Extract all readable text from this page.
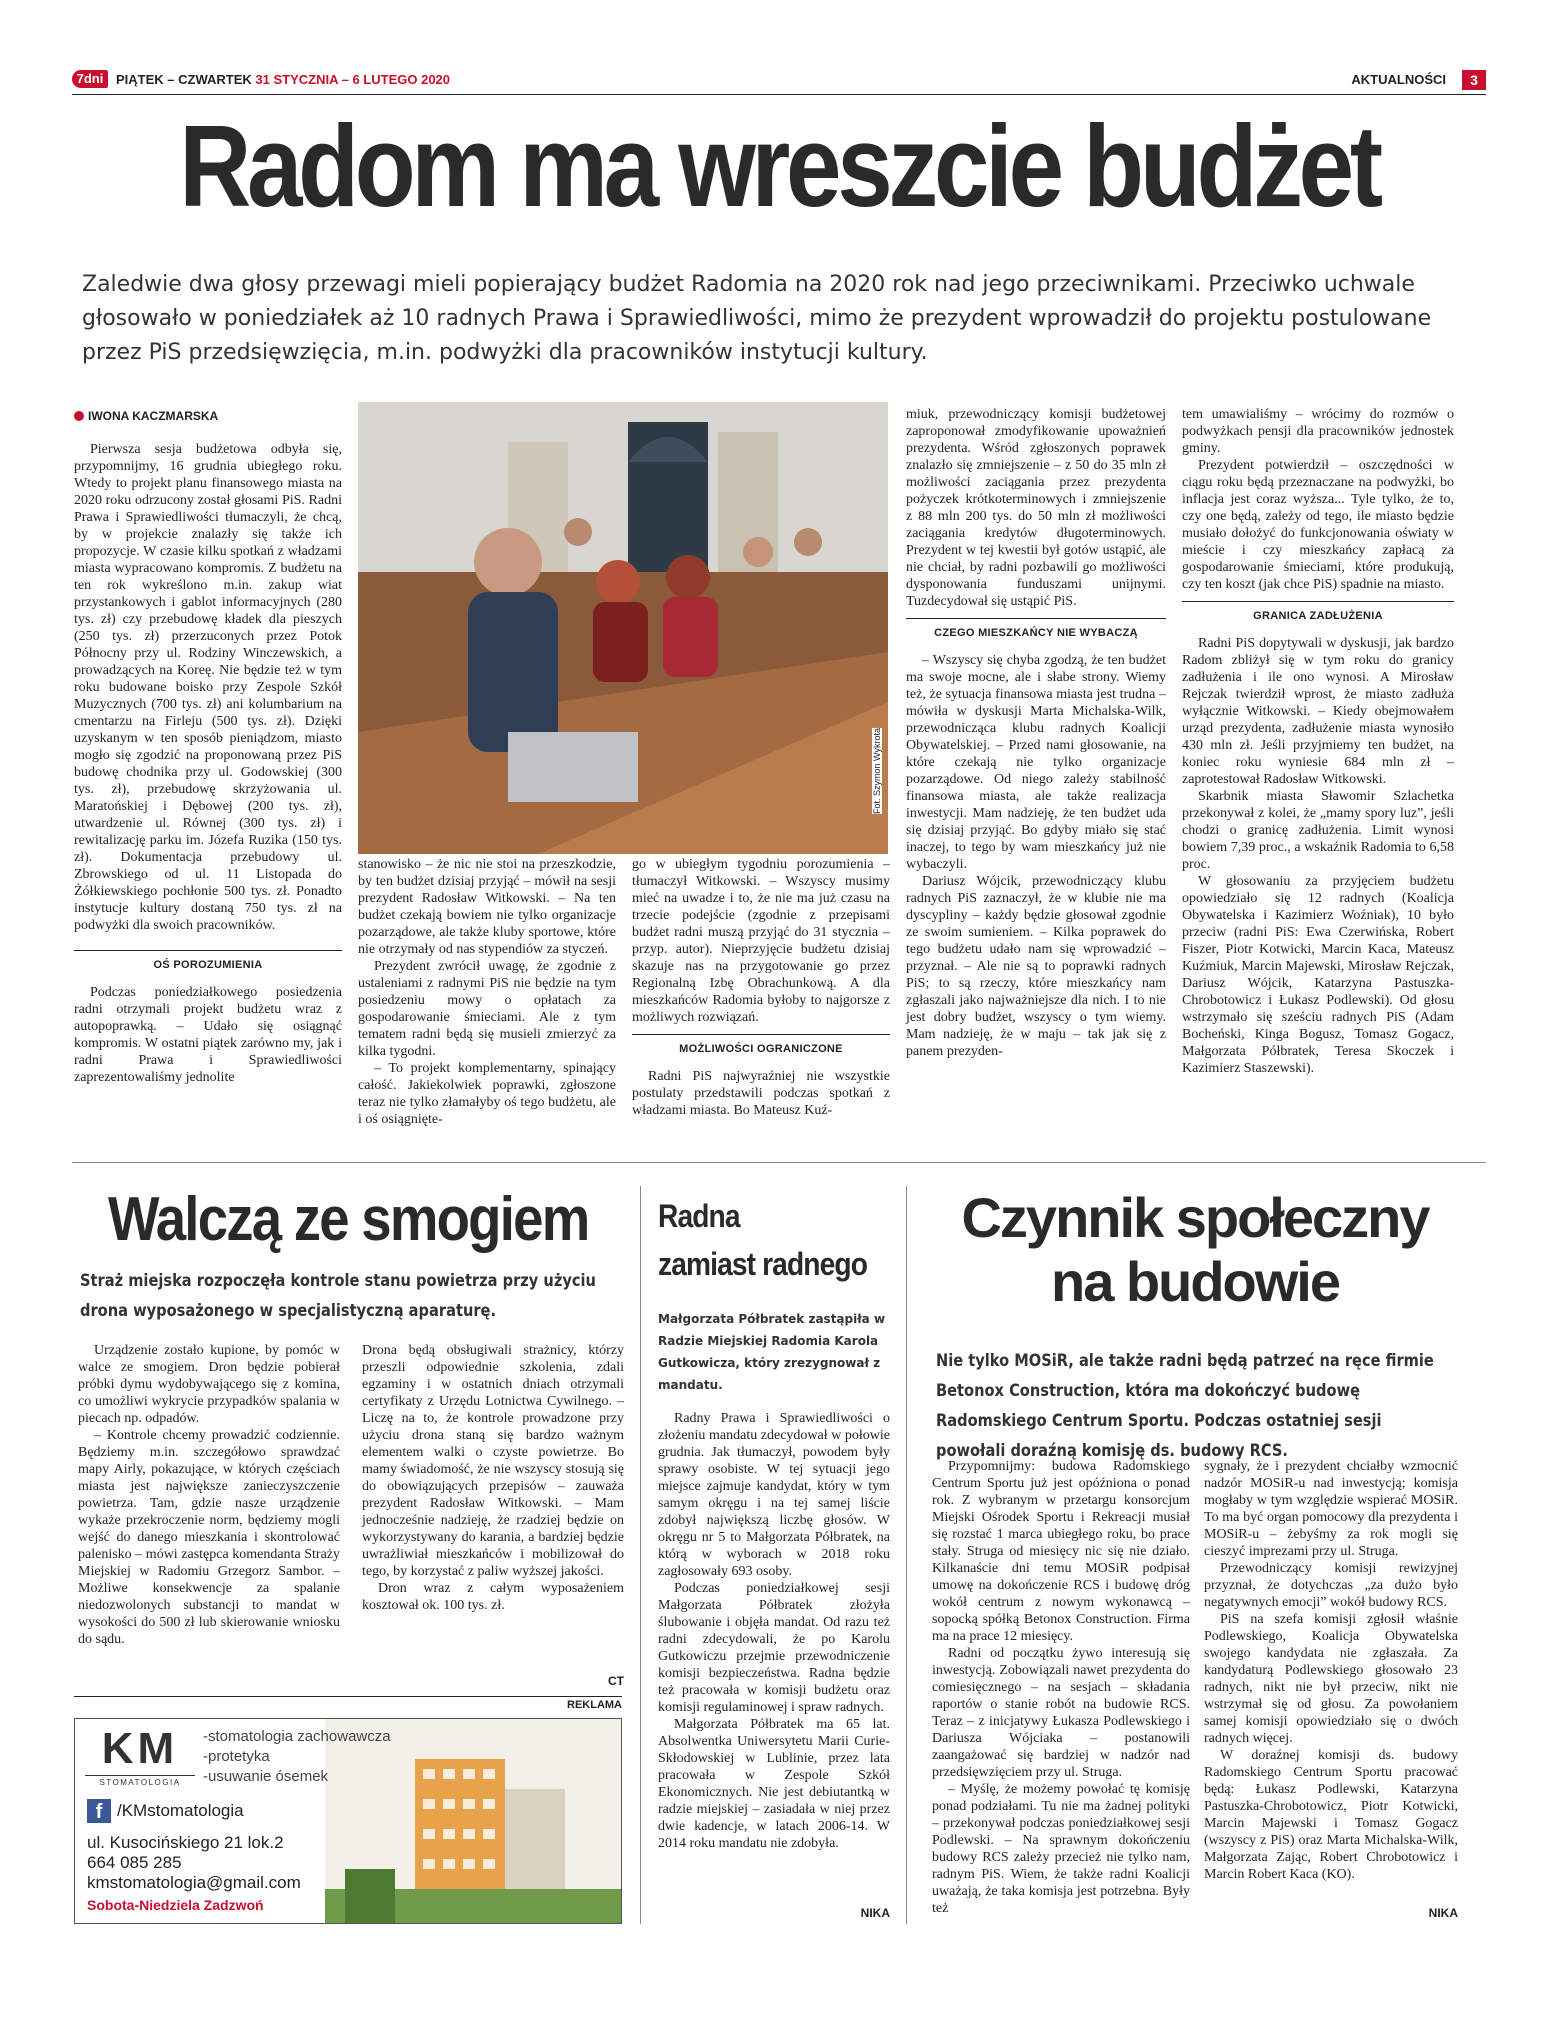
7dni PIĄTEK – CZWARTEK 31 STYCZNIA – 6 LUTEGO 2020	AKTUALNOŚCI	3
Radom ma wreszcie budżet
Zaledwie dwa głosy przewagi mieli popierający budżet Radomia na 2020 rok nad jego przeciwnikami. Przeciwko uchwale głosowało w poniedziałek aż 10 radnych Prawa i Sprawiedliwości, mimo że prezydent wprowadził do projektu postulowane przez PiS przedsięwzięcia, m.in. podwyżki dla pracowników instytucji kultury.
IWONA KACZMARSKA

Pierwsza sesja budżetowa odbyła się, przypomnijmy, 16 grudnia ubiegłego roku. Wtedy to projekt planu finansowego miasta na 2020 roku odrzucony został głosami PiS. Radni Prawa i Sprawiedliwości tłumaczyli, że chcą, by w projekcie znalazły się także ich propozycje. W czasie kilku spotkań z władzami miasta wypracowano kompromis. Z budżetu na ten rok wykreślono m.in. zakup wiat przystankowych i gablot informacyjnych (280 tys. zł) czy przebudowę kładek dla pieszych (250 tys. zł) przerzuconych przez Potok Północny przy ul. Rodziny Winczewskich, a prowadzących na Koreę. Nie będzie też w tym roku budowane boisko przy Zespole Szkół Muzycznych (700 tys. zł) ani kolumbarium na cmentarzu na Firleju (500 tys. zł). Dzięki uzyskanym w ten sposób pieniądzom, miasto mogło się zgodzić na proponowaną przez PiS budowę chodnika przy ul. Godowskiej (300 tys. zł), przebudowę skrzyżowania ul. Maratońskiej i Dębowej (200 tys. zł), utwardzenie ul. Równej (300 tys. zł) i rewitalizację parku im. Józefa Ruzika (150 tys. zł). Dokumentacja przebudowy ul. Zbrowskiego od ul. 11 Listopada do Żółkiewskiego pochłonie 500 tys. zł. Ponadto instytucje kultury dostaną 750 tys. zł na podwyżki dla swoich pracowników.

OŚ POROZUMIENIA

Podczas poniedziałkowego posiedzenia radni otrzymali projekt budżetu wraz z autopoprawką. – Udało się osiągnąć kompromis. W ostatni piątek zarówno my, jak i radni Prawa i Sprawiedliwości zaprezentowaliśmy jednolite

Fot. Szymon Wykrota

stanowisko – że nic nie stoi na przeszkodzie, by ten budżet dzisiaj przyjąć – mówił na sesji prezydent Radosław Witkowski. – Na ten budżet czekają bowiem nie tylko organizacje pozarządowe, ale także kluby sportowe, które nie otrzymały od nas stypendiów za styczeń.

Prezydent zwrócił uwagę, że zgodnie z ustaleniami z radnymi PiS nie będzie na tym posiedzeniu mowy o opłatach za gospodarowanie śmieciami. Ale z tym tematem radni będą się musieli zmierzyć za kilka tygodni.

– To projekt komplementarny, spinający całość. Jakiekolwiek poprawki, zgłoszone teraz nie tylko złamałyby oś tego budżetu, ale i oś osiągnięte-

go w ubiegłym tygodniu porozumienia – tłumaczył Witkowski. – Wszyscy musimy mieć na uwadze i to, że nie ma już czasu na trzecie podejście (zgodnie z przepisami budżet radni muszą przyjąć do 31 stycznia – przyp. autor). Nieprzyjęcie budżetu dzisiaj skazuje nas na przygotowanie go przez Regionalną Izbę Obrachunkową. A dla mieszkańców Radomia byłoby to najgorsze z możliwych rozwiązań.

MOŻLIWOŚCI OGRANICZONE

Radni PiS najwyraźniej nie wszystkie postulaty przedstawili podczas spotkań z władzami miasta. Bo Mateusz Kuź-

miuk, przewodniczący komisji budżetowej zaproponował zmodyfikowanie upoważnień prezydenta. Wśród zgłoszonych poprawek znalazło się zmniejszenie – z 50 do 35 mln zł możliwości zaciągania przez prezydenta pożyczek krótkoterminowych i zmniejszenie z 88 mln 200 tys. do 50 mln zł możliwości zaciągania kredytów długoterminowych. Prezydent w tej kwestii był gotów ustąpić, ale nie chciał, by radni pozbawili go możliwości dysponowania funduszami unijnymi. Tuzdecydował się ustąpić PiS.

CZEGO MIESZKAŃCY NIE WYBACZĄ

– Wszyscy się chyba zgodzą, że ten budżet ma swoje mocne, ale i słabe strony. Wiemy też, że sytuacja finansowa miasta jest trudna – mówiła w dyskusji Marta Michalska-Wilk, przewodnicząca klubu radnych Koalicji Obywatelskiej. – Przed nami głosowanie, na które czekają nie tylko organizacje pozarządowe. Od niego zależy stabilność finansowa miasta, ale także realizacja inwestycji. Mam nadzieję, że ten budżet uda się dzisiaj przyjąć. Bo gdyby miało się stać inaczej, to tego by wam mieszkańcy już nie wybaczyli.

Dariusz Wójcik, przewodniczący klubu radnych PiS zaznaczył, że w klubie nie ma dyscypliny – każdy będzie głosował zgodnie ze swoim sumieniem. – Kilka poprawek do tego budżetu udało nam się wprowadzić – przyznał. – Ale nie są to poprawki radnych PiS; to są rzeczy, które mieszkańcy nam zgłaszali jako najważniejsze dla nich. I to nie jest dobry budżet, wszyscy o tym wiemy. Mam nadzieję, że w maju – tak jak się z panem prezyden-

tem umawialiśmy – wrócimy do rozmów o podwyżkach pensji dla pracowników jednostek gminy.

Prezydent potwierdził – oszczędności w ciągu roku będą przeznaczane na podwyżki, bo inflacja jest coraz wyższa... Tyle tylko, że to, czy one będą, zależy od tego, ile miasto będzie musiało dołożyć do funkcjonowania oświaty w mieście i czy mieszkańcy zapłacą za gospodarowanie śmieciami, które produkują, czy ten koszt (jak chce PiS) spadnie na miasto.

GRANICA ZADŁUŻENIA

Radni PiS dopytywali w dyskusji, jak bardzo Radom zbliżył się w tym roku do granicy zadłużenia i ile ono wynosi. A Mirosław Rejczak twierdził wprost, że miasto zadłuża wyłącznie Witkowski. – Kiedy obejmowałem urząd prezydenta, zadłużenie miasta wynosiło 430 mln zł. Jeśli przyjmiemy ten budżet, na koniec roku wyniesie 684 mln zł – zaprotestował Radosław Witkowski.

Skarbnik miasta Sławomir Szlachetka przekonywał z kolei, że „mamy spory luz”, jeśli chodzi o granicę zadłużenia. Limit wynosi bowiem 7,39 proc., a wskaźnik Radomia to 6,58 proc.

W głosowaniu za przyjęciem budżetu opowiedziało się 12 radnych (Koalicja Obywatelska i Kazimierz Woźniak), 10 było przeciw (radni PiS: Ewa Czerwińska, Robert Fiszer, Piotr Kotwicki, Marcin Kaca, Mateusz Kuźmiuk, Marcin Majewski, Mirosław Rejczak, Dariusz Wójcik, Katarzyna Pastuszka-Chrobotowicz i Łukasz Podlewski). Od głosu wstrzymało się sześciu radnych PiS (Adam Bocheński, Kinga Bogusz, Tomasz Gogacz, Małgorzata Półbratek, Teresa Skoczek i Kazimierz Staszewski).

Walczą ze smogiem
Straż miejska rozpoczęła kontrole stanu powietrza przy użyciu drona wyposażonego w specjalistyczną aparaturę.

Urządzenie zostało kupione, by pomóc w walce ze smogiem. Dron będzie pobierał próbki dymu wydobywającego się z komina, co umożliwi wykrycie przypadków spalania w piecach np. odpadów.

– Kontrole chcemy prowadzić codziennie. Będziemy m.in. szczegółowo sprawdzać mapy Airly, pokazujące, w których częściach miasta jest największe zanieczyszczenie powietrza. Tam, gdzie nasze urządzenie wykaże przekroczenie norm, będziemy mogli wejść do danego mieszkania i skontrolować palenisko – mówi zastępca komendanta Straży Miejskiej w Radomiu Grzegorz Sambor. – Możliwe konsekwencje za spalanie niedozwolonych substancji to mandat w wysokości do 500 zł lub skierowanie wniosku do sądu.

Drona będą obsługiwali strażnicy, którzy przeszli odpowiednie szkolenia, zdali egzaminy i w ostatnich dniach otrzymali certyfikaty z Urzędu Lotnictwa Cywilnego. – Liczę na to, że kontrole prowadzone przy użyciu drona staną się bardzo ważnym elementem walki o czyste powietrze. Bo mamy świadomość, że nie wszyscy stosują się do obowiązujących przepisów – zauważa prezydent Radosław Witkowski. – Mam jednocześnie nadzieję, że rzadziej będzie on wykorzystywany do karania, a bardziej będzie uwrażliwiał mieszkańców i mobilizował do tego, by korzystać z paliw wyższej jakości.

Dron wraz z całym wyposażeniem kosztował ok. 100 tys. zł.

CT
REKLAMA
KM
STOMATOLOGIA
-stomatologia zachowawcza
-protetyka
-usuwanie ósemek
f /KMstomatologia
ul. Kusocińskiego 21 lok.2
664 085 285
kmstomatologia@gmail.com
Sobota-Niedziela Zadzwoń
Radna
zamiast radnego
Małgorzata Półbratek zastąpiła w Radzie Miejskiej Radomia Karola Gutkowicza, który zrezygnował z mandatu.

Radny Prawa i Sprawiedliwości o złożeniu mandatu zdecydował w połowie grudnia. Jak tłumaczył, powodem były sprawy osobiste. W tej sytuacji jego miejsce zajmuje kandydat, który w tym samym okręgu i na tej samej liście zdobył największą liczbę głosów. W okręgu nr 5 to Małgorzata Półbratek, na którą w wyborach w 2018 roku zagłosowały 693 osoby.

Podczas poniedziałkowej sesji Małgorzata Półbratek złożyła ślubowanie i objęła mandat. Od razu też radni zdecydowali, że po Karolu Gutkowiczu przejmie przewodniczenie komisji bezpieczeństwa. Radna będzie też pracowała w komisji budżetu oraz komisji regulaminowej i spraw radnych.

Małgorzata Półbratek ma 65 lat. Absolwentka Uniwersytetu Marii Curie-Skłodowskiej w Lublinie, przez lata pracowała w Zespole Szkół Ekonomicznych. Nie jest debiutantką w radzie miejskiej – zasiadała w niej przez dwie kadencje, w latach 2006-14. W 2014 roku mandatu nie zdobyła.

NIKA
Czynnik społeczny
na budowie
Nie tylko MOSiR, ale także radni będą patrzeć na ręce firmie Betonox Construction, która ma dokończyć budowę Radomskiego Centrum Sportu. Podczas ostatniej sesji powołali doraźną komisję ds. budowy RCS.

Przypomnijmy: budowa Radomskiego Centrum Sportu już jest opóźniona o ponad rok. Z wybranym w przetargu konsorcjum Miejski Ośrodek Sportu i Rekreacji musiał się rozstać 1 marca ubiegłego roku, bo prace stały. Struga od miesięcy nic się nie działo. Kilkanaście dni temu MOSiR podpisał umowę na dokończenie RCS i budowę dróg wokół centrum z nowym wykonawcą – sopocką spółką Betonox Construction. Firma ma na prace 12 miesięcy.

Radni od początku żywo interesują się inwestycją. Zobowiązali nawet prezydenta do comiesięcznego – na sesjach – składania raportów o stanie robót na budowie RCS. Teraz – z inicjatywy Łukasza Podlewskiego i Dariusza Wójciaka – postanowili zaangażować się bardziej w nadzór nad przedsięwzięciem przy ul. Struga.

– Myślę, że możemy powołać tę komisję ponad podziałami. Tu nie ma żadnej polityki – przekonywał podczas poniedziałkowej sesji Podlewski. – Na sprawnym dokończeniu budowy RCS zależy przecież nie tylko nam, radnym PiS. Wiem, że także radni Koalicji uważają, że taka komisja jest potrzebna. Były też

sygnały, że i prezydent chciałby wzmocnić nadzór MOSiR-u nad inwestycją; komisja mogłaby w tym względzie wspierać MOSiR. To ma być organ pomocowy dla prezydenta i MOSiR-u – żebyśmy za rok mogli się cieszyć imprezami przy ul. Struga.

Przewodniczący komisji rewizyjnej przyznał, że dotychczas „za dużo było negatywnych emocji” wokół budowy RCS.

PiS na szefa komisji zgłosił właśnie Podlewskiego, Koalicja Obywatelska swojego kandydata nie zgłaszała. Za kandydaturą Podlewskiego głosowało 23 radnych, nikt nie był przeciw, nikt nie wstrzymał się od głosu. Za powołaniem samej komisji opowiedziało się o dwóch radnych więcej.

W doraźnej komisji ds. budowy Radomskiego Centrum Sportu pracować będą: Łukasz Podlewski, Katarzyna Pastuszka-Chrobotowicz, Piotr Kotwicki, Marcin Majewski i Tomasz Gogacz (wszyscy z PiS) oraz Marta Michalska-Wilk, Małgorzata Zając, Robert Chrobotowicz i Marcin Robert Kaca (KO).

NIKA
